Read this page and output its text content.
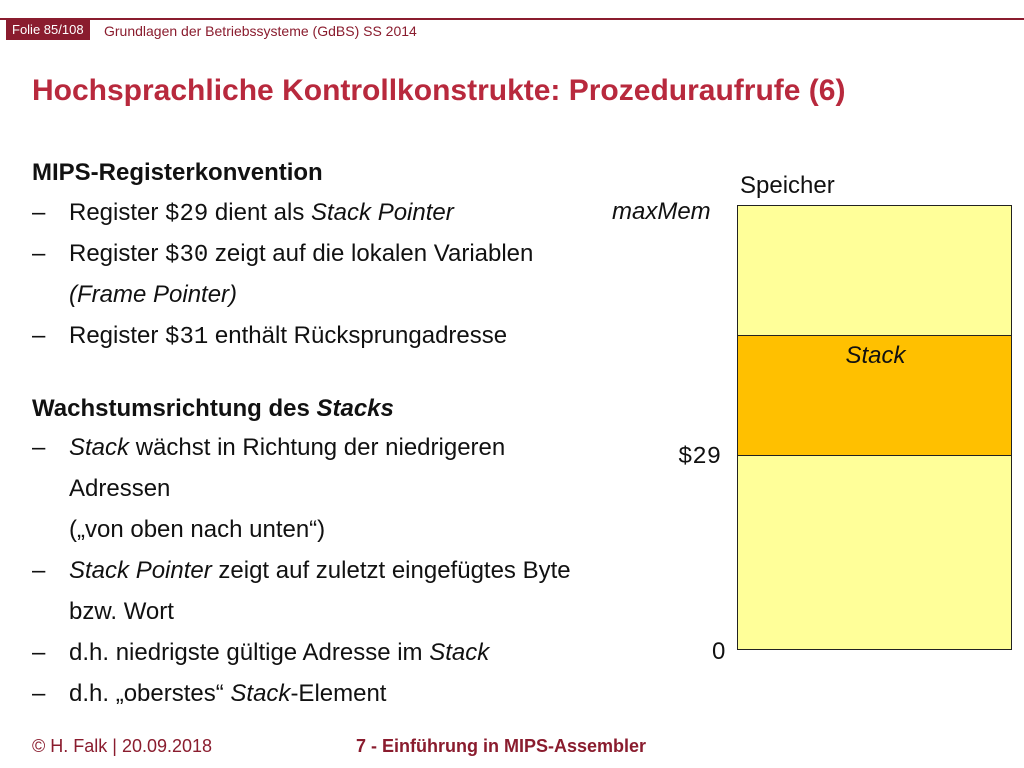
Folie 85/108	Grundlagen der Betriebssysteme (GdBS) SS 2014
Hochsprachliche Kontrollkonstrukte: Prozeduraufrufe (6)
MIPS-Registerkonvention
– Register $29 dient als Stack Pointer
– Register $30 zeigt auf die lokalen Variablen
(Frame Pointer)
– Register $31 enthält Rücksprungadresse
Wachstumsrichtung des Stacks
– Stack wächst in Richtung der niedrigeren
Adressen
(„von oben nach unten“)
– Stack Pointer zeigt auf zuletzt eingefügtes Byte
bzw. Wort
– d.h. niedrigste gültige Adresse im Stack
– d.h. „oberstes“ Stack-Element
Speicher
maxMem
Stack
$29
0
© H. Falk | 20.09.2018	7 - Einführung in MIPS-Assembler
